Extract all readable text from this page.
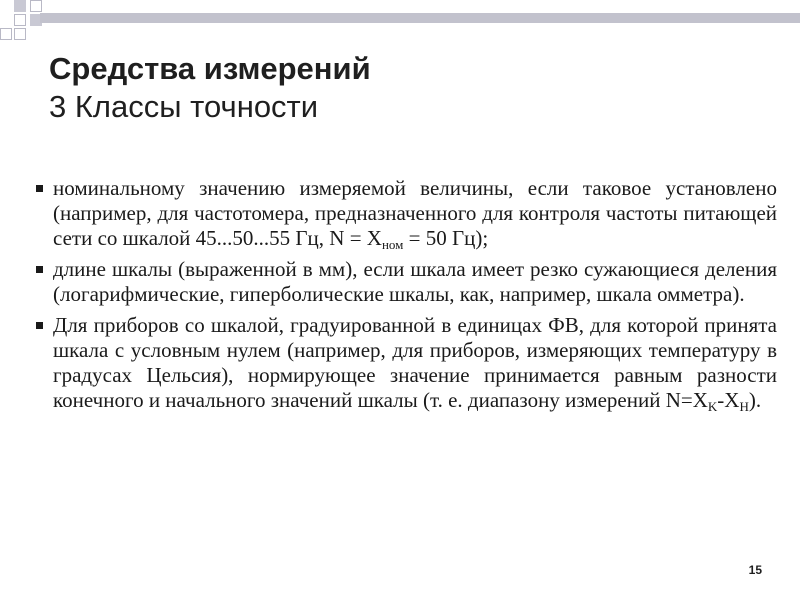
Средства измерений
3 Классы точности
номинальному значению измеряемой величины, если таковое установлено (например, для частотомера, предназначенного для контроля частоты питающей сети со шкалой 45...50...55 Гц, $N = X_{ном} = 50$ Гц);
длине шкалы (выраженной в мм), если шкала имеет резко сужающиеся деления (логарифмические, гиперболические шкалы, как, например, шкала омметра).
Для приборов со шкалой, градуированной в единицах ФВ, для которой принята шкала с условным нулем (например, для приборов, измеряющих температуру в градусах Цельсия), нормирующее значение принимается равным разности конечного и начального значений шкалы (т. е. диапазону измерений $N=X_K-X_H$).
15
